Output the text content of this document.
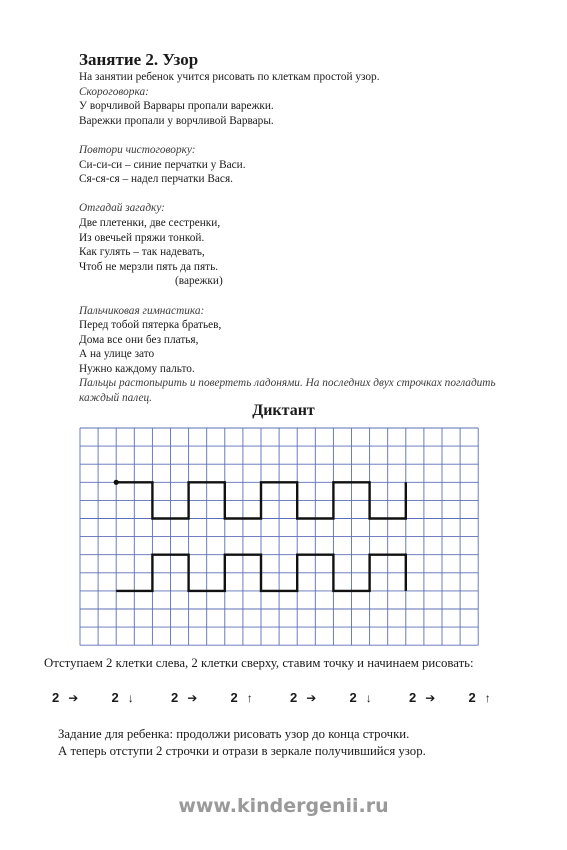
Занятие 2. Узор
На занятии ребенок учится рисовать по клеткам простой узор.
Скороговорка:
У ворчливой Варвары пропали варежки.
Варежки пропали у ворчливой Варвары.
Повтори чистоговорку:
Си-си-си – синие перчатки у Васи.
Ся-ся-ся – надел перчатки Вася.
Отгадай загадку:
Две плетенки, две сестренки,
Из овечьей пряжи тонкой.
Как гулять – так надевать,
Чтоб не мерзли пять да пять.
(варежки)
Пальчиковая гимнастика:
Перед тобой пятерка братьев,
Дома все они без платья,
А на улице зато
Нужно каждому пальто.
Пальцы растопырить и повертеть ладонями. На последних двух строчках погладить каждый палец.
Диктант

Отступаем 2 клетки слева, 2 клетки сверху, ставим точку и начинаем рисовать:

2 ➔	2 ↓	2 ➔	2 ↑	2 ➔	2 ↓	2 ➔	2 ↑
Задание для ребенка: продолжи рисовать узор до конца строчки.
А теперь отступи 2 строчки и отрази в зеркале получившийся узор.

www.kindergenii.ru
